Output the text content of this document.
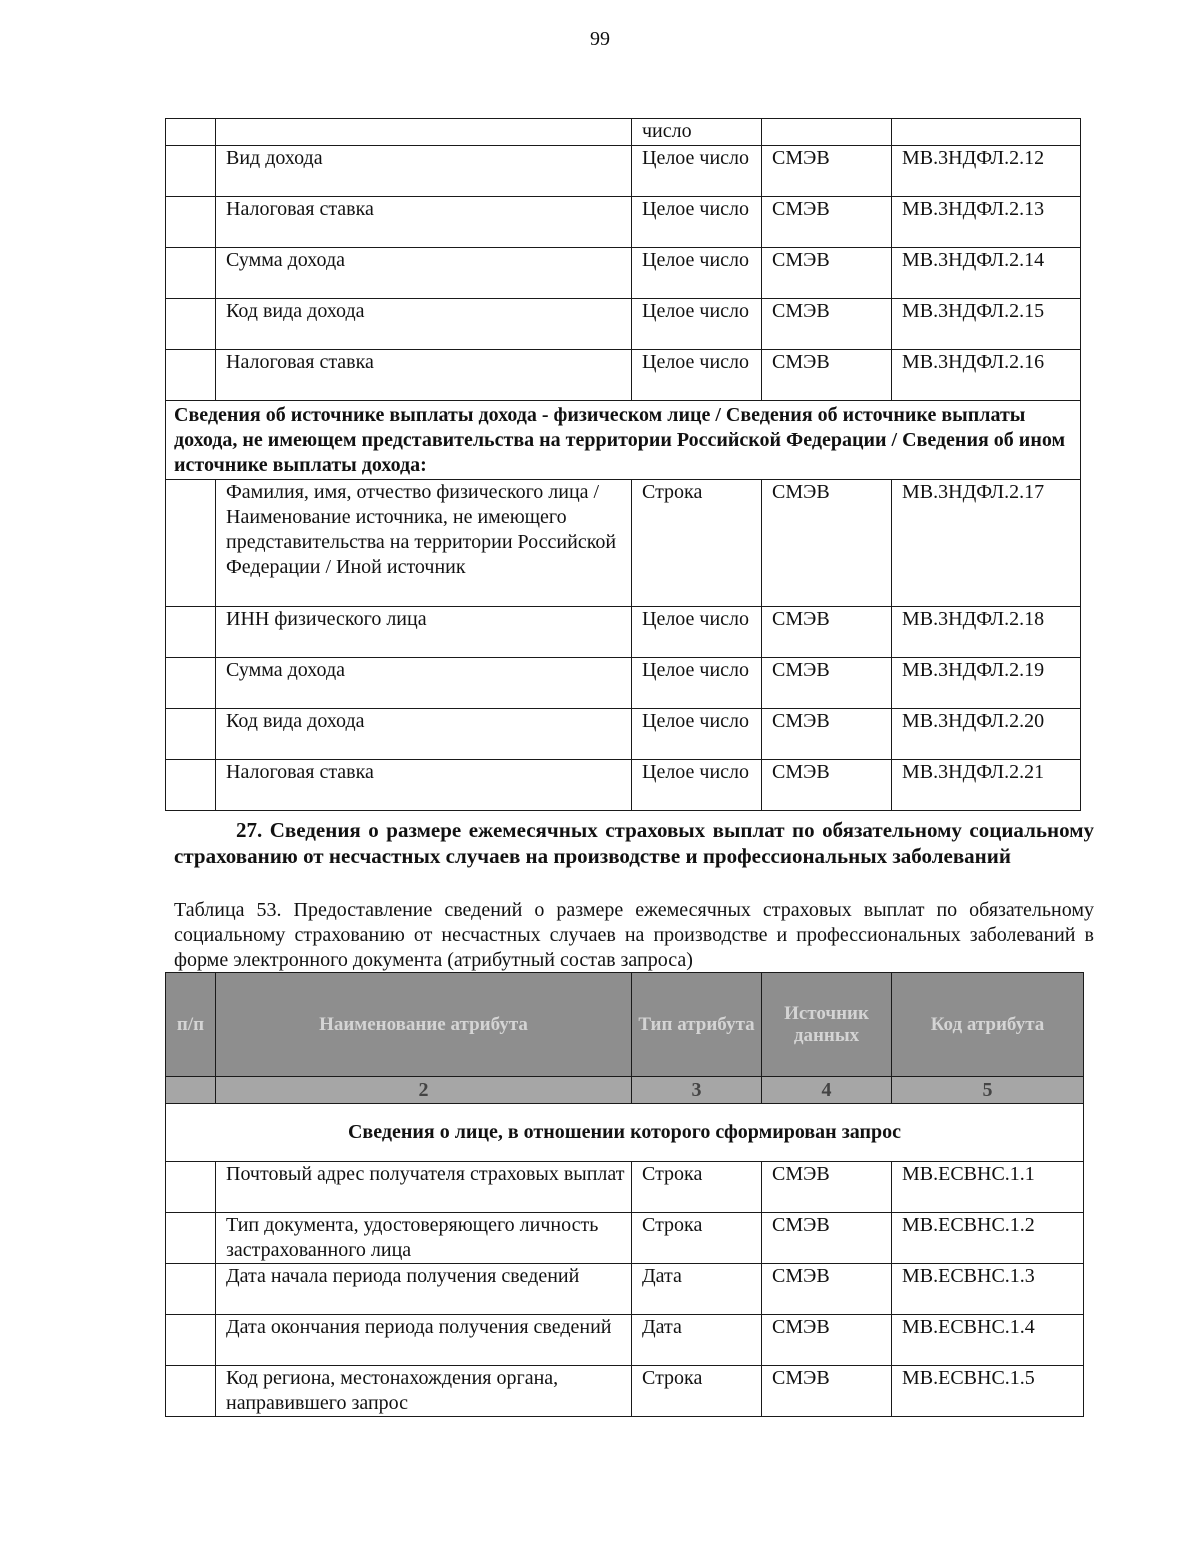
99
		число		
	Вид дохода	Целое число	СМЭВ	МВ.3НДФЛ.2.12
	Налоговая ставка	Целое число	СМЭВ	МВ.3НДФЛ.2.13
	Сумма дохода	Целое число	СМЭВ	МВ.3НДФЛ.2.14
	Код вида дохода	Целое число	СМЭВ	МВ.3НДФЛ.2.15
	Налоговая ставка	Целое число	СМЭВ	МВ.3НДФЛ.2.16
Сведения об источнике выплаты дохода - физическом лице / Сведения об источнике выплаты дохода, не имеющем представительства на территории Российской Федерации / Сведения об ином источнике выплаты дохода:				
	Фамилия, имя, отчество физического лица / Наименование источника, не имеющего представительства на территории Российской Федерации / Иной источник	Строка	СМЭВ	МВ.3НДФЛ.2.17
	ИНН физического лица	Целое число	СМЭВ	МВ.3НДФЛ.2.18
	Сумма дохода	Целое число	СМЭВ	МВ.3НДФЛ.2.19
	Код вида дохода	Целое число	СМЭВ	МВ.3НДФЛ.2.20
	Налоговая ставка	Целое число	СМЭВ	МВ.3НДФЛ.2.21
27. Сведения о размере ежемесячных страховых выплат по обязательному социальному страхованию от несчастных случаев на производстве и профессиональных заболеваний
Таблица 53. Предоставление сведений о размере ежемесячных страховых выплат по обязательному социальному страхованию от несчастных случаев на производстве и профессиональных заболеваний в форме электронного документа (атрибутный состав запроса)
п/п	Наименование атрибута	Тип атрибута	Источник данных	Код атрибута
	2	3	4	5
Сведения о лице, в отношении которого сформирован запрос				
	Почтовый адрес получателя страховых выплат	Строка	СМЭВ	МВ.ЕСВНС.1.1
	Тип документа, удостоверяющего личность застрахованного лица	Строка	СМЭВ	МВ.ЕСВНС.1.2
	Дата начала периода получения сведений	Дата	СМЭВ	МВ.ЕСВНС.1.3
	Дата окончания периода получения сведений	Дата	СМЭВ	МВ.ЕСВНС.1.4
	Код региона, местонахождения органа, направившего запрос	Строка	СМЭВ	МВ.ЕСВНС.1.5
